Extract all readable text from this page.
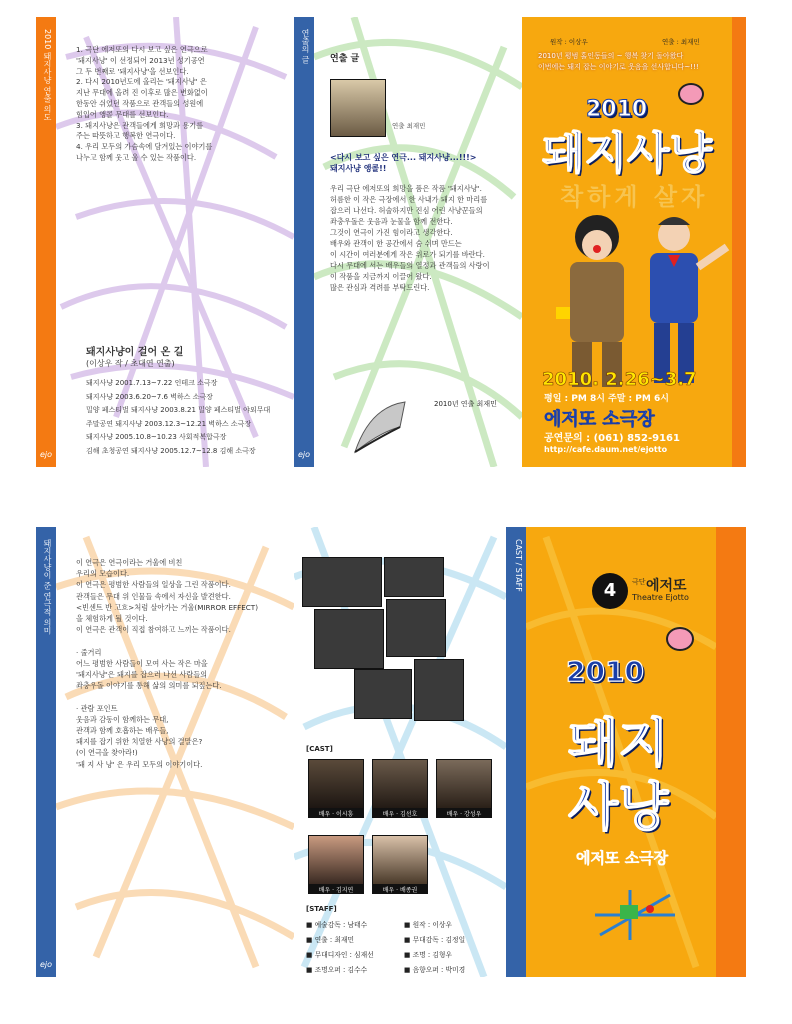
2010 돼지사냥 연출 의도
ejo
1. 극단 에저또의 다시 보고 싶은 연극으로
'돼지사냥' 이 선정되어 2013년 성기공연
그 두 번째로 '돼지사냥'을 선보인다.
2. 다시 2010년도에 올리는 '돼지사냥' 은
지난 무대에 올려 진 이후로 많은 변화없이
한동안 쉬었던 작품으로 관객들의 성원에
힘입어 앵콜 무대를 선보인다.
3. 돼지사냥은 관객들에게 희망과 용기를
주는 따뜻하고 행복한 연극이다.
4. 우리 모두의 가슴속에 담겨있는 이야기를
나누고 함께 웃고 울 수 있는 작품이다.
돼지사냥이 걸어 온 길
(이상우 작 / 초대연 연출)
돼지사냥 2001.7.13~7.22 인테크 소극장
돼지사냥 2003.6.20~7.6 벽하스 소극장
밀양 페스티벌 돼지사냥 2003.8.21 밀양 페스티벌 야외무대
주말공연 돼지사냥 2003.12.3~12.21 벽하스 소극장
돼지사냥 2005.10.8~10.23 사회적복합극장
김해 초청공연 돼지사냥 2005.12.7~12.8 김해 소극장
연출의 글
ejo
연출 글
연출 최재민
<다시 보고 싶은 연극... 돼지사냥...!!!>
돼지사냥 앵콜!!
우리 극단 에저또의 희망을 품은 작품 '돼지사냥'.
허름한 이 작은 극장에서 한 사내가 돼지 한 마리를
잡으러 나선다. 허술하지만 진심 어린 사냥꾼들의
좌충우돌은 웃음과 눈물을 함께 전한다.
그것이 연극이 가진 힘이라고 생각한다.
배우와 관객이 한 공간에서 숨 쉬며 만드는
이 시간이 여러분에게 작은 위로가 되기를 바란다.
다시 무대에 서는 배우들의 열정과 관객들의 사랑이
이 작품을 지금까지 이끌어 왔다.
많은 관심과 격려를 부탁드린다.
2010년 연출 최재민
원작 : 이상우	연출 : 최재민
2010년 평범 홀인동들의 ~ 행복 찾기 돌아왔다
이번에는 돼지 잡는 이야기로 웃음을 선사합니다~!!!
2010
돼지사냥
착하게 살자
2010. 2.26~3.7
평일 : PM 8시 주말 : PM 6시
에저또 소극장
공연문의 : (061) 852-9161
http://cafe.daum.net/ejotto
돼지사냥이 준 연극적 의미
ejo
이 연극은 연극이라는 거울에 비친
우리의 모습이다.
이 연극은 평범한 사람들의 일상을 그린 작품이다.
관객들은 무대 위 인물들 속에서 자신을 발견한다.
<빈센트 반 고흐>처럼 살아가는 거울(MIRROR EFFECT)
을 체험하게 될 것이다.
이 연극은 관객이 직접 참여하고 느끼는 작품이다.

· 줄거리
어느 평범한 사람들이 모여 사는 작은 마을
'돼지사냥'은 돼지를 잡으러 나선 사람들의
좌충우돌 이야기를 통해 삶의 의미를 되짚는다.

· 관람 포인트
웃음과 감동이 함께하는 무대,
관객과 함께 호흡하는 배우들,
돼지를 잡기 위한 치열한 사냥의 결말은?
(이 연극을 찾아라!)
'돼 지 사 냥' 은 우리 모두의 이야기이다.
[CAST]
배우 · 이시흥	배우 · 김선호	배우 · 강성우
배우 · 김지연	배우 · 배종권
[STAFF]
■ 예술감독 : 남태수	■ 원작 : 이상우
■ 연출 : 최재민	■ 무대감독 : 김정일
■ 무대디자인 : 심재선	■ 조명 : 김형우
■ 조명오퍼 : 김수수	■ 음향오퍼 : 박미경
CAST / STAFF	4	극단 에저또
Theatre Ejotto
2010
돼지
사냥
에저또 소극장
